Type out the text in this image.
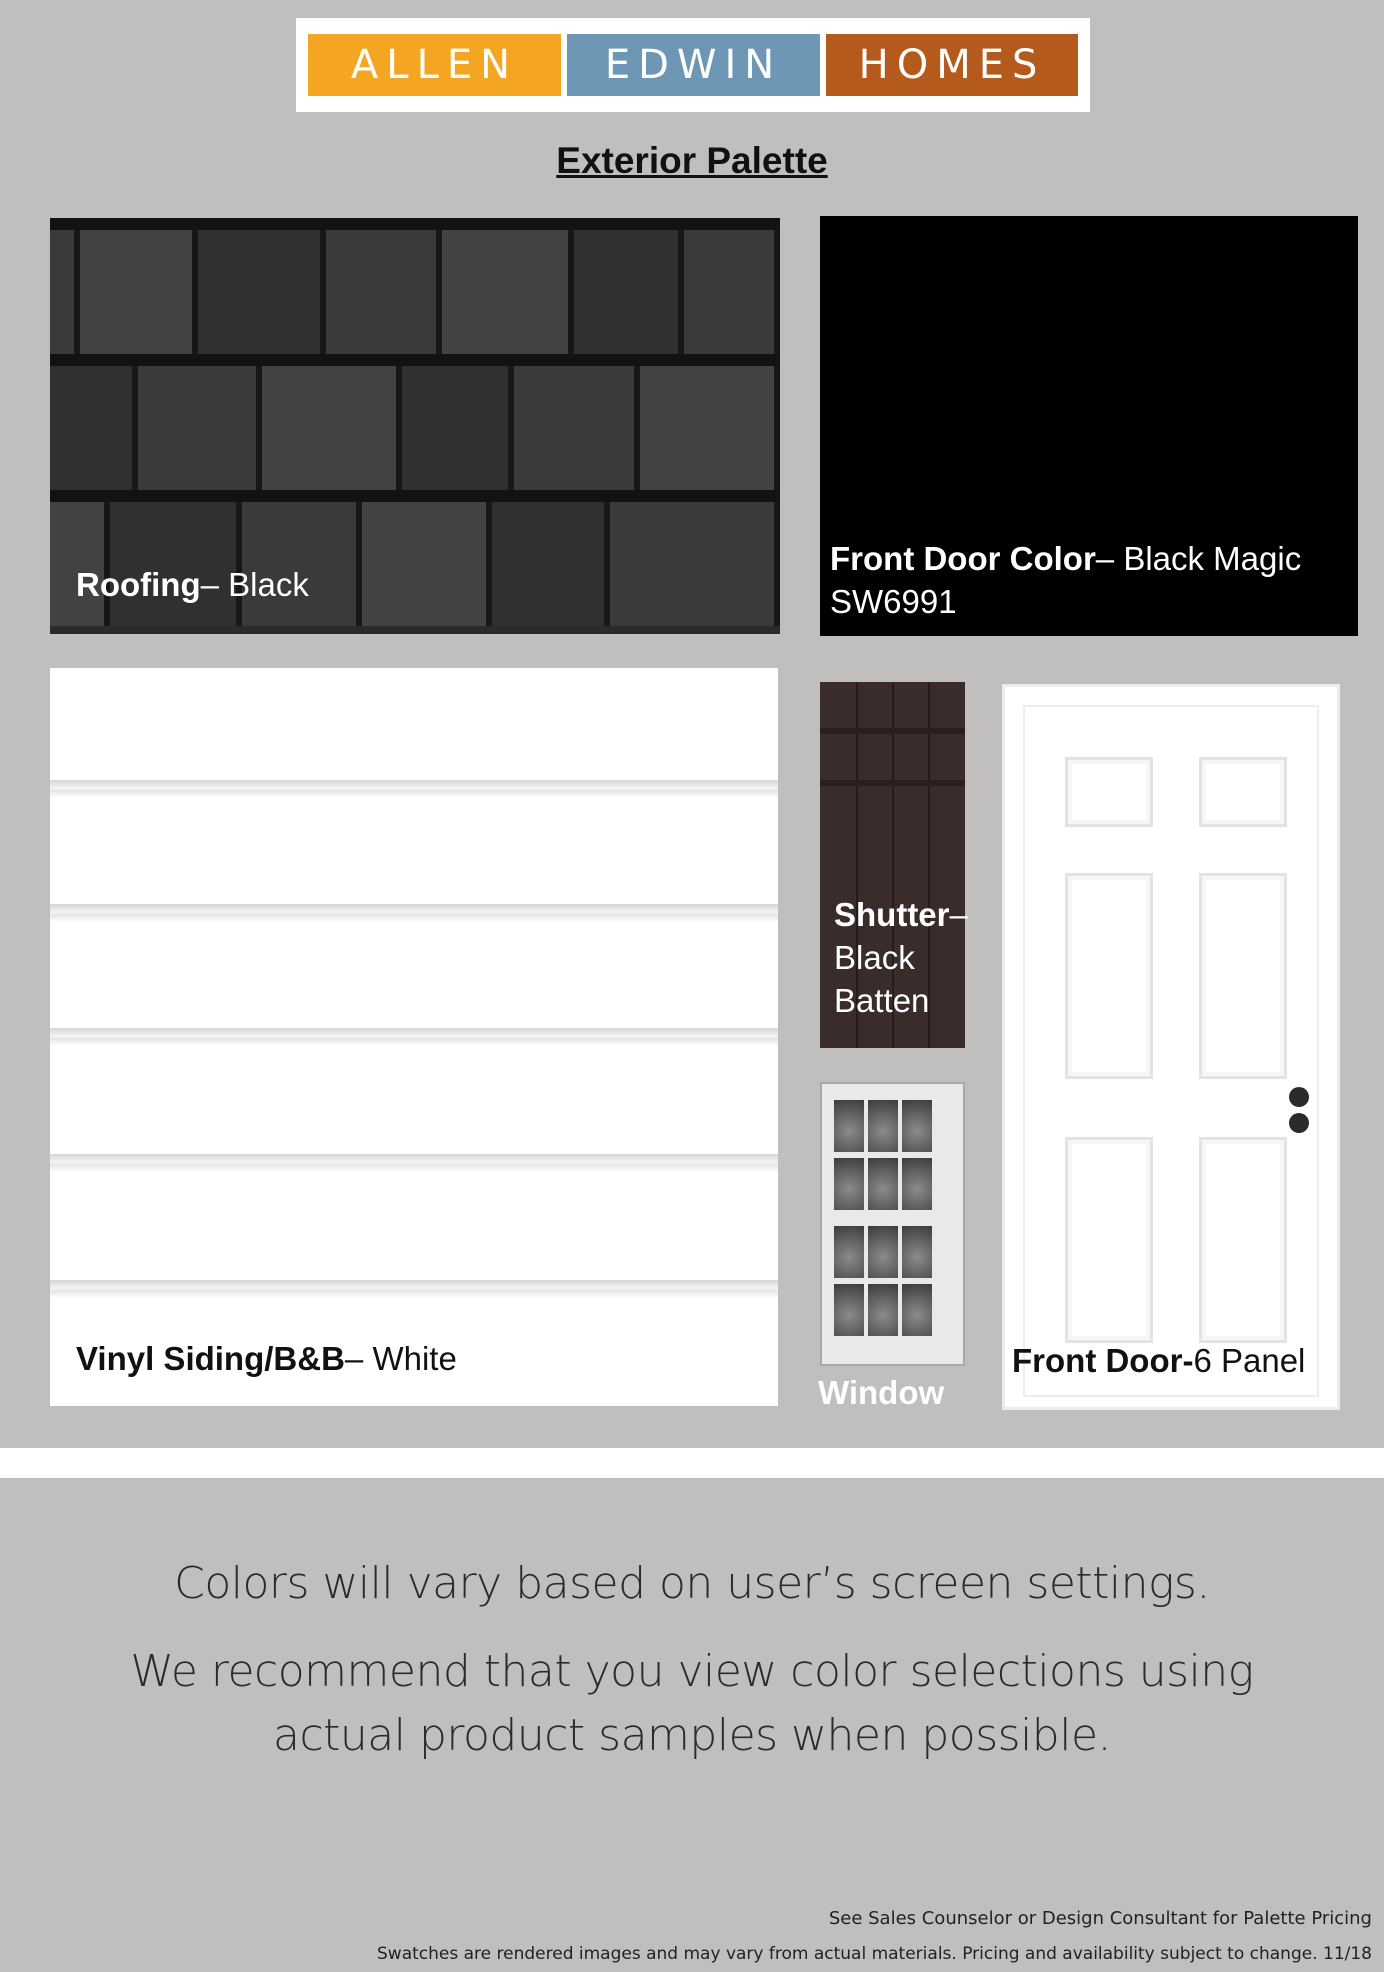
ALLEN	EDWIN	HOMES
Exterior Palette
Roofing– Black
Front Door Color– Black Magic
SW6991
Vinyl Siding/B&B– White
Shutter–
Black
Batten
Window
Front Door-6 Panel
Colors will vary based on user’s screen settings.
We recommend that you view color selections using
actual product samples when possible.
See Sales Counselor or Design Consultant for Palette Pricing
Swatches are rendered images and may vary from actual materials. Pricing and availability subject to change. 11/18
